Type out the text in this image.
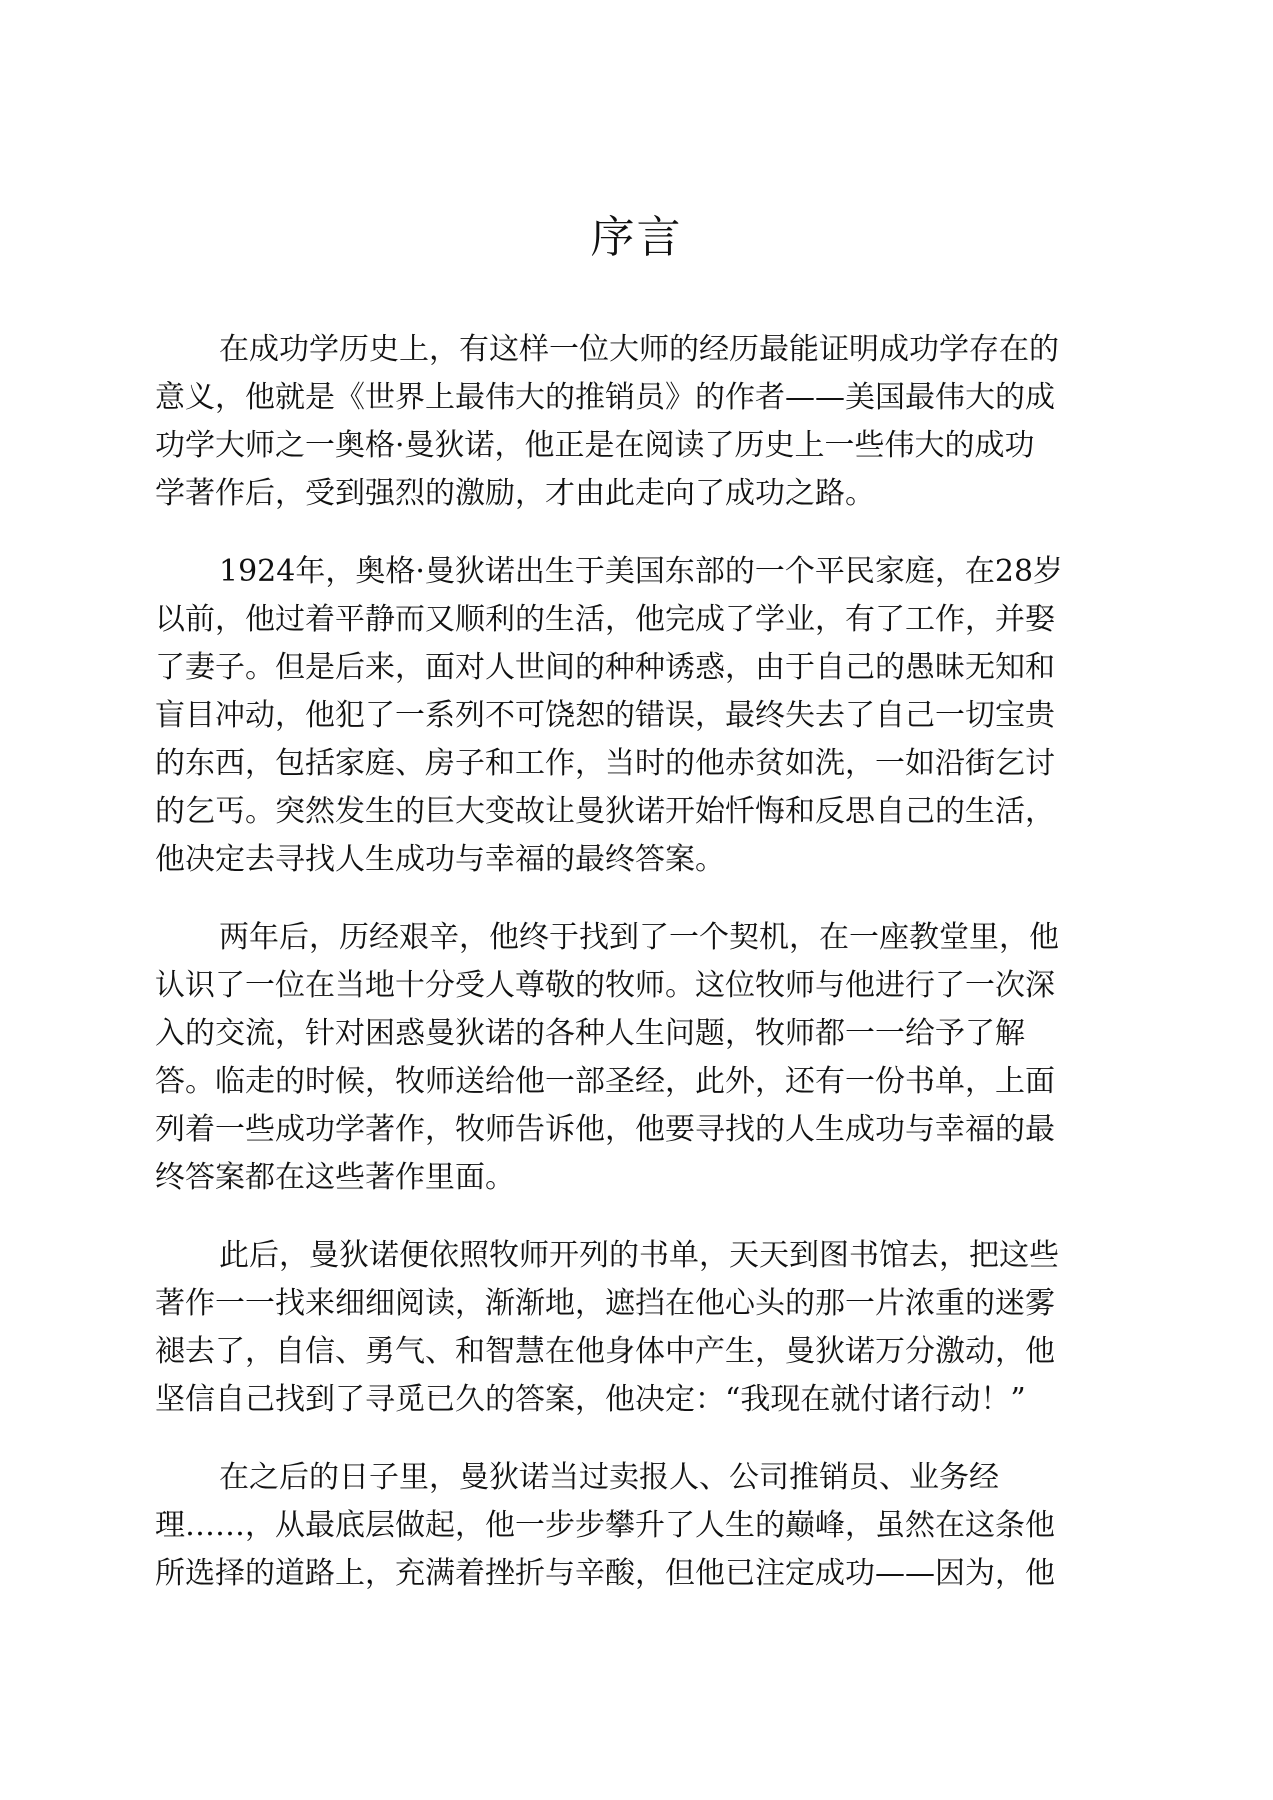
序言

在成功学历史上，有这样一位大师的经历最能证明成功学存在的
意义，他就是《世界上最伟大的推销员》的作者——美国最伟大的成
功学大师之一奥格·曼狄诺，他正是在阅读了历史上一些伟大的成功
学著作后，受到强烈的激励，才由此走向了成功之路。

1924年，奥格·曼狄诺出生于美国东部的一个平民家庭，在28岁
以前，他过着平静而又顺利的生活，他完成了学业，有了工作，并娶
了妻子。但是后来，面对人世间的种种诱惑，由于自己的愚昧无知和
盲目冲动，他犯了一系列不可饶恕的错误，最终失去了自己一切宝贵
的东西，包括家庭、房子和工作，当时的他赤贫如洗，一如沿街乞讨
的乞丐。突然发生的巨大变故让曼狄诺开始忏悔和反思自己的生活，
他决定去寻找人生成功与幸福的最终答案。

两年后，历经艰辛，他终于找到了一个契机，在一座教堂里，他
认识了一位在当地十分受人尊敬的牧师。这位牧师与他进行了一次深
入的交流，针对困惑曼狄诺的各种人生问题，牧师都一一给予了解
答。临走的时候，牧师送给他一部圣经，此外，还有一份书单，上面
列着一些成功学著作，牧师告诉他，他要寻找的人生成功与幸福的最
终答案都在这些著作里面。

此后，曼狄诺便依照牧师开列的书单，天天到图书馆去，把这些
著作一一找来细细阅读，渐渐地，遮挡在他心头的那一片浓重的迷雾
褪去了，自信、勇气、和智慧在他身体中产生，曼狄诺万分激动，他
坚信自己找到了寻觅已久的答案，他决定：“我现在就付诸行动！”

在之后的日子里，曼狄诺当过卖报人、公司推销员、业务经
理……，从最底层做起，他一步步攀升了人生的巅峰，虽然在这条他
所选择的道路上，充满着挫折与辛酸，但他已注定成功——因为，他
